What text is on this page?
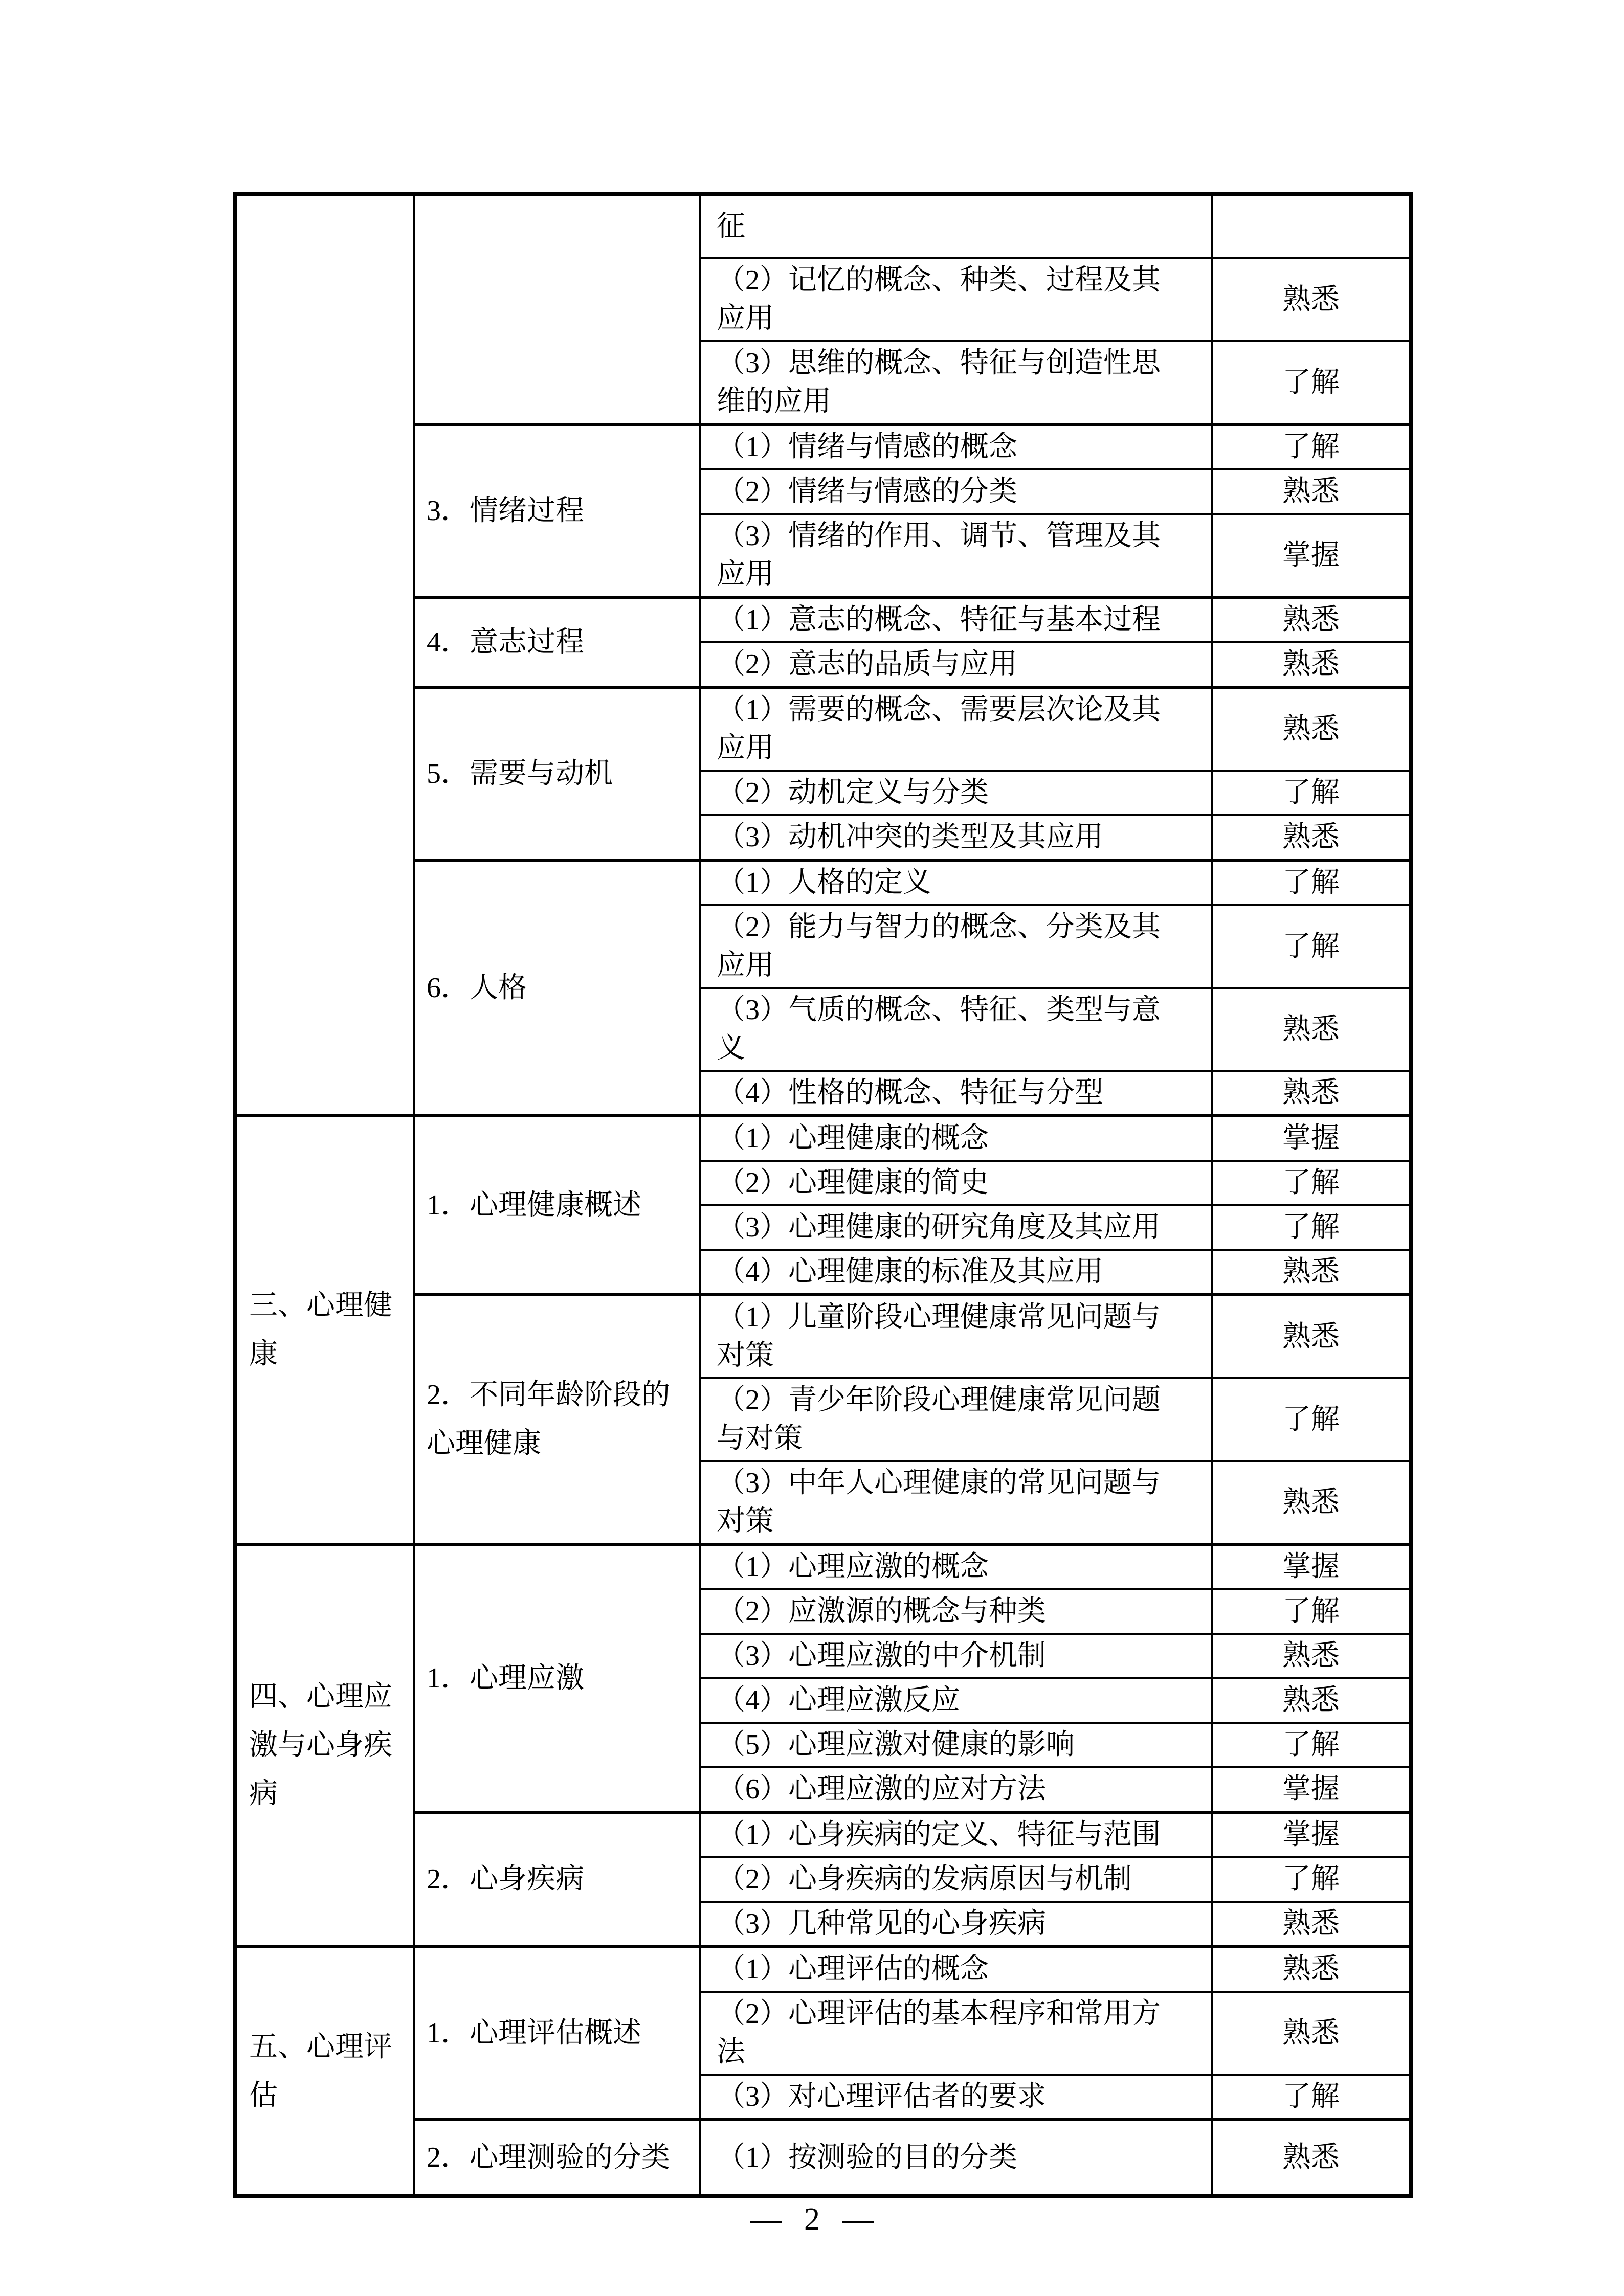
		征	
		（2）记忆的概念、种类、过程及其应用	熟悉
		（3）思维的概念、特征与创造性思维的应用	了解
	3．情绪过程	（1）情绪与情感的概念	了解
		（2）情绪与情感的分类	熟悉
		（3）情绪的作用、调节、管理及其应用	掌握
	4．意志过程	（1）意志的概念、特征与基本过程	熟悉
		（2）意志的品质与应用	熟悉
	5．需要与动机	（1）需要的概念、需要层次论及其应用	熟悉
		（2）动机定义与分类	了解
		（3）动机冲突的类型及其应用	熟悉
	6．人格	（1）人格的定义	了解
		（2）能力与智力的概念、分类及其应用	了解
		（3）气质的概念、特征、类型与意义	熟悉
		（4）性格的概念、特征与分型	熟悉
三、心理健康	1．心理健康概述	（1）心理健康的概念	掌握
		（2）心理健康的简史	了解
		（3）心理健康的研究角度及其应用	了解
		（4）心理健康的标准及其应用	熟悉
	2．不同年龄阶段的心理健康	（1）儿童阶段心理健康常见问题与对策	熟悉
		（2）青少年阶段心理健康常见问题与对策	了解
		（3）中年人心理健康的常见问题与对策	熟悉
四、心理应激与心身疾病	1．心理应激	（1）心理应激的概念	掌握
		（2）应激源的概念与种类	了解
		（3）心理应激的中介机制	熟悉
		（4）心理应激反应	熟悉
		（5）心理应激对健康的影响	了解
		（6）心理应激的应对方法	掌握
	2．心身疾病	（1）心身疾病的定义、特征与范围	掌握
		（2）心身疾病的发病原因与机制	了解
		（3）几种常见的心身疾病	熟悉
五、心理评估	1．心理评估概述	（1）心理评估的概念	熟悉
		（2）心理评估的基本程序和常用方法	熟悉
		（3）对心理评估者的要求	了解
	2．心理测验的分类	（1）按测验的目的分类	熟悉
— 2 —
